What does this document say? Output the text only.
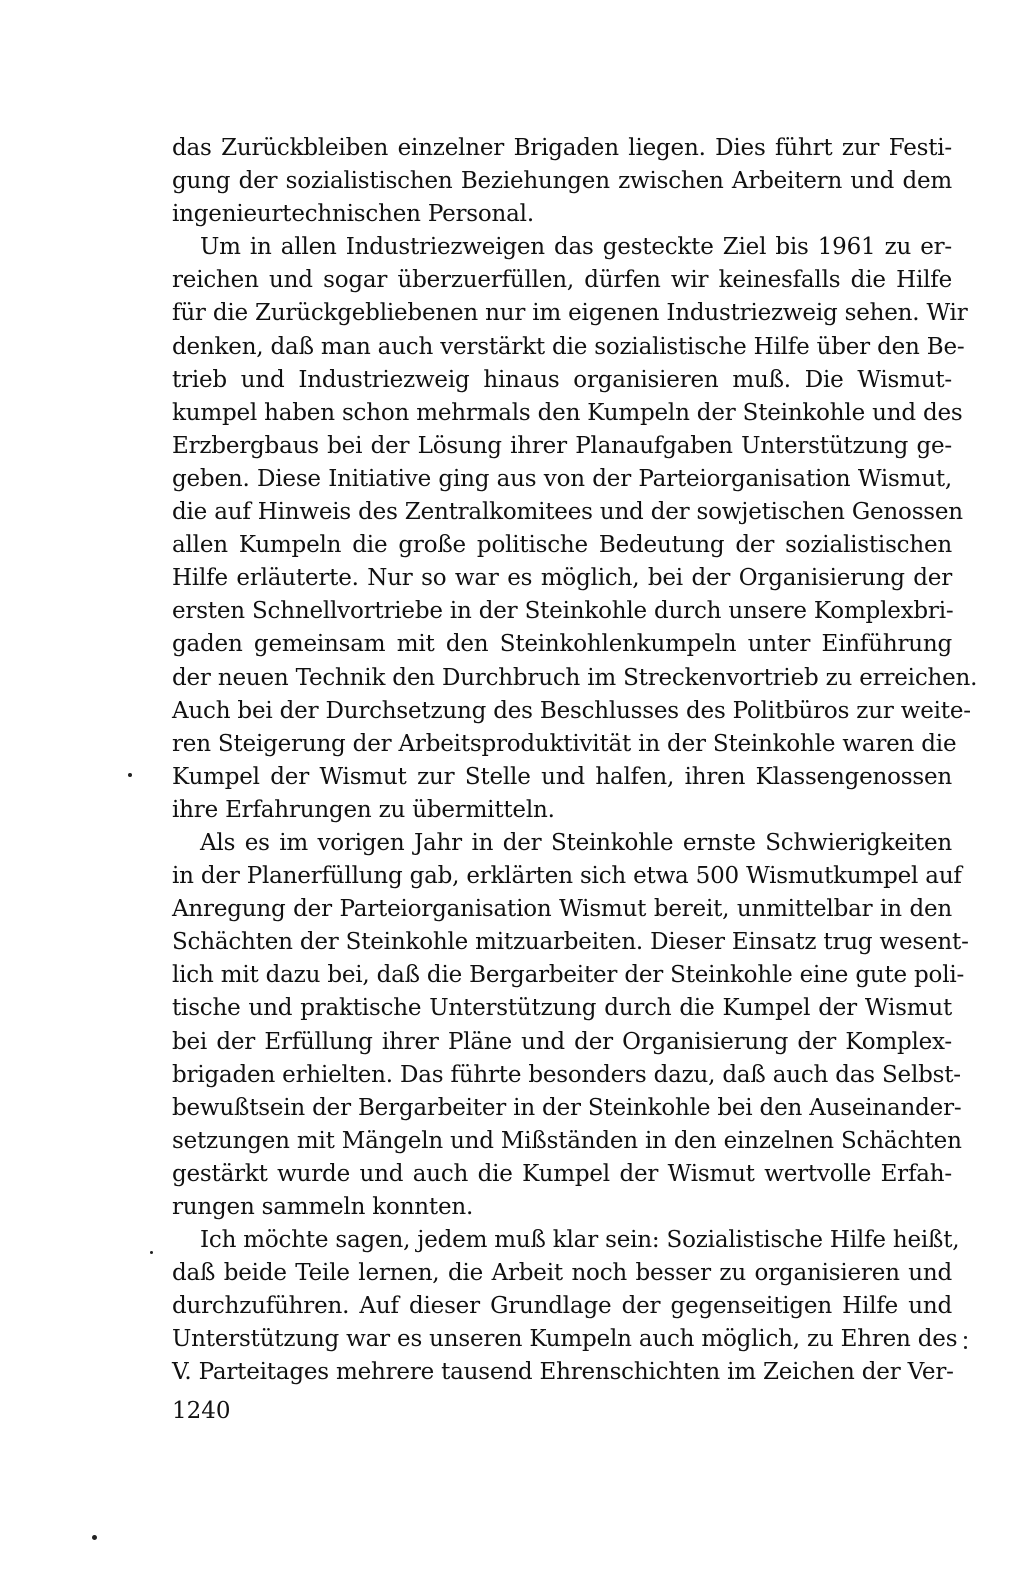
das Zurückbleiben einzelner Brigaden liegen. Dies führt zur Festi-
gung der sozialistischen Beziehungen zwischen Arbeitern und dem
ingenieurtechnischen Personal.
Um in allen Industriezweigen das gesteckte Ziel bis 1961 zu er-
reichen und sogar überzuerfüllen, dürfen wir keinesfalls die Hilfe
für die Zurückgebliebenen nur im eigenen Industriezweig sehen. Wir
denken, daß man auch verstärkt die sozialistische Hilfe über den Be-
trieb und Industriezweig hinaus organisieren muß. Die Wismut-
kumpel haben schon mehrmals den Kumpeln der Steinkohle und des
Erzbergbaus bei der Lösung ihrer Planaufgaben Unterstützung ge-
geben. Diese Initiative ging aus von der Parteiorganisation Wismut,
die auf Hinweis des Zentralkomitees und der sowjetischen Genossen
allen Kumpeln die große politische Bedeutung der sozialistischen
Hilfe erläuterte. Nur so war es möglich, bei der Organisierung der
ersten Schnellvortriebe in der Steinkohle durch unsere Komplexbri-
gaden gemeinsam mit den Steinkohlenkumpeln unter Einführung
der neuen Technik den Durchbruch im Streckenvortrieb zu erreichen.
Auch bei der Durchsetzung des Beschlusses des Politbüros zur weite-
ren Steigerung der Arbeitsproduktivität in der Steinkohle waren die
Kumpel der Wismut zur Stelle und halfen, ihren Klassengenossen
ihre Erfahrungen zu übermitteln.
Als es im vorigen Jahr in der Steinkohle ernste Schwierigkeiten
in der Planerfüllung gab, erklärten sich etwa 500 Wismutkumpel auf
Anregung der Parteiorganisation Wismut bereit, unmittelbar in den
Schächten der Steinkohle mitzuarbeiten. Dieser Einsatz trug wesent-
lich mit dazu bei, daß die Bergarbeiter der Steinkohle eine gute poli-
tische und praktische Unterstützung durch die Kumpel der Wismut
bei der Erfüllung ihrer Pläne und der Organisierung der Komplex-
brigaden erhielten. Das führte besonders dazu, daß auch das Selbst-
bewußtsein der Bergarbeiter in der Steinkohle bei den Auseinander-
setzungen mit Mängeln und Mißständen in den einzelnen Schächten
gestärkt wurde und auch die Kumpel der Wismut wertvolle Erfah-
rungen sammeln konnten.
Ich möchte sagen, jedem muß klar sein: Sozialistische Hilfe heißt,
daß beide Teile lernen, die Arbeit noch besser zu organisieren und
durchzuführen. Auf dieser Grundlage der gegenseitigen Hilfe und
Unterstützung war es unseren Kumpeln auch möglich, zu Ehren des
V. Parteitages mehrere tausend Ehrenschichten im Zeichen der Ver-
1240
